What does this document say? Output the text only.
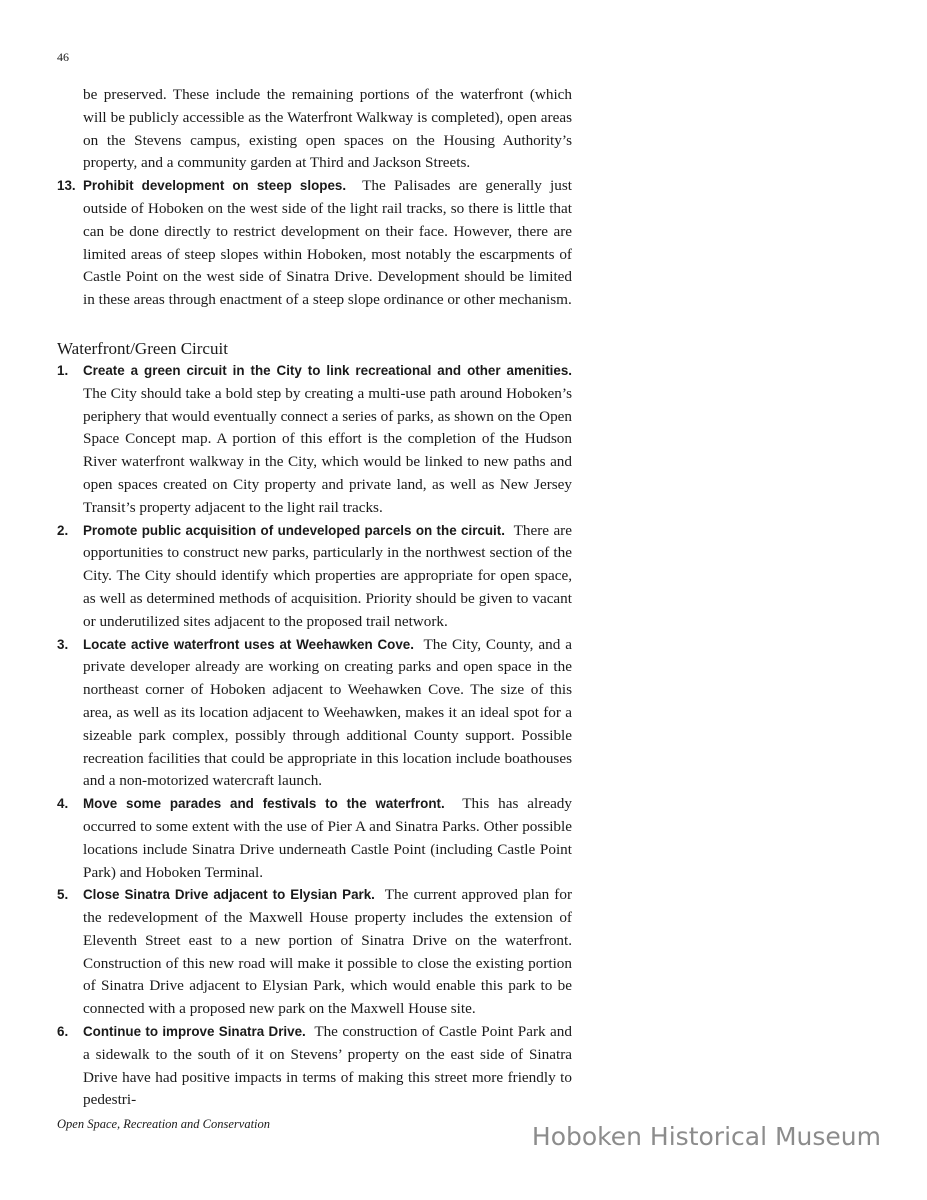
46

be preserved. These include the remaining portions of the waterfront (which will be publicly accessible as the Waterfront Walkway is completed), open areas on the Stevens campus, existing open spaces on the Housing Authority’s property, and a community garden at Third and Jackson Streets.

13. Prohibit development on steep slopes. The Palisades are generally just outside of Hoboken on the west side of the light rail tracks, so there is little that can be done directly to restrict development on their face. However, there are limited areas of steep slopes within Hoboken, most notably the escarpments of Castle Point on the west side of Sinatra Drive. Development should be limited in these areas through enactment of a steep slope ordinance or other mechanism.

Waterfront/Green Circuit
1.	Create a green circuit in the City to link recreational and other amenities. The City should take a bold step by creating a multi-use path around Hoboken’s periphery that would eventually connect a series of parks, as shown on the Open Space Concept map. A portion of this effort is the completion of the Hudson River waterfront walkway in the City, which would be linked to new paths and open spaces created on City property and private land, as well as New Jersey Transit’s property adjacent to the light rail tracks.

2.	Promote public acquisition of undeveloped parcels on the circuit. There are opportunities to construct new parks, particularly in the northwest section of the City. The City should identify which properties are appropriate for open space, as well as determined methods of acquisition. Priority should be given to vacant or underutilized sites adjacent to the proposed trail network.

3.	Locate active waterfront uses at Weehawken Cove. The City, County, and a private developer already are working on creating parks and open space in the northeast corner of Hoboken adjacent to Weehawken Cove. The size of this area, as well as its location adjacent to Weehawken, makes it an ideal spot for a sizeable park complex, possibly through additional County support. Possible recreation facilities that could be appropriate in this location include boathouses and a non-motorized watercraft launch.

4.	Move some parades and festivals to the waterfront. This has already occurred to some extent with the use of Pier A and Sinatra Parks. Other possible locations include Sinatra Drive underneath Castle Point (including Castle Point Park) and Hoboken Terminal.

5.	Close Sinatra Drive adjacent to Elysian Park. The current approved plan for the redevelopment of the Maxwell House property includes the extension of Eleventh Street east to a new portion of Sinatra Drive on the waterfront. Construction of this new road will make it possible to close the existing portion of Sinatra Drive adjacent to Elysian Park, which would enable this park to be connected with a proposed new park on the Maxwell House site.

6.	Continue to improve Sinatra Drive. The construction of Castle Point Park and a sidewalk to the south of it on Stevens’ property on the east side of Sinatra Drive have had positive impacts in terms of making this street more friendly to pedestri-

Open Space, Recreation and Conservation	Hoboken Historical Museum
